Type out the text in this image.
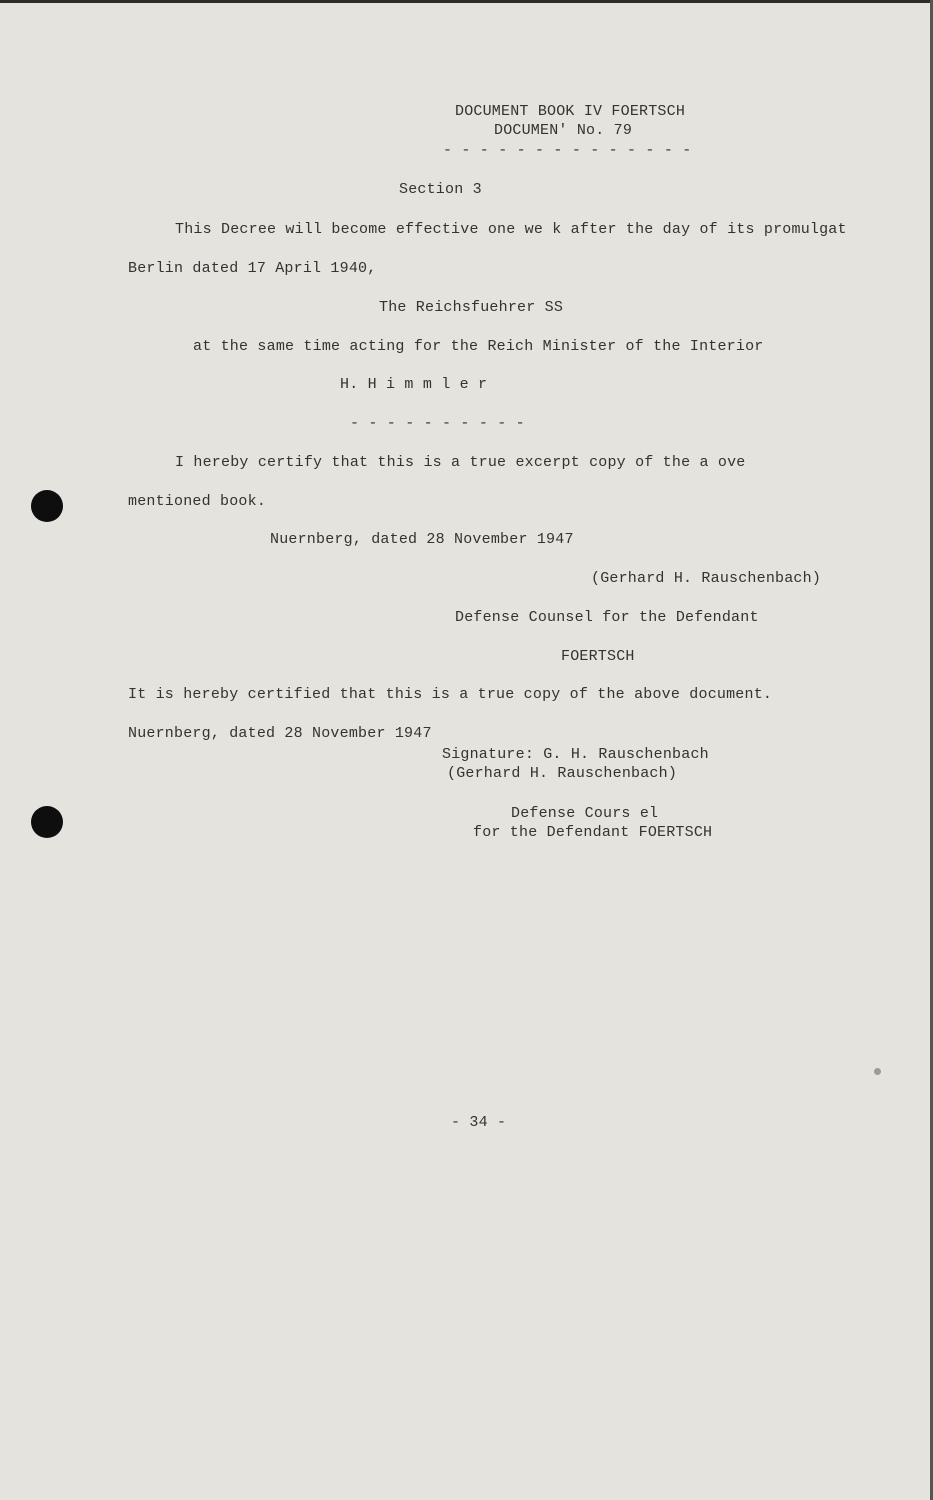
DOCUMENT BOOK IV FOERTSCH
DOCUMEN' No. 79
- - - - - - - - - - - - - -
Section 3
This Decree will become effective one we k after the day of its promulgat
Berlin dated 17 April 1940,
The Reichsfuehrer SS
at the same time acting for the Reich Minister of the Interior
H. H i m m l e r
- - - - - - - - - -
I hereby certify that this is a true excerpt copy of the a ove
mentioned book.
Nuernberg, dated 28 November 1947
(Gerhard H. Rauschenbach)
Defense Counsel for the Defendant
FOERTSCH
It is hereby certified that this is a true copy of the above document.
Nuernberg, dated 28 November 1947
Signature: G. H. Rauschenbach
(Gerhard H. Rauschenbach)
Defense Cours el
for the Defendant FOERTSCH
- 34 -
